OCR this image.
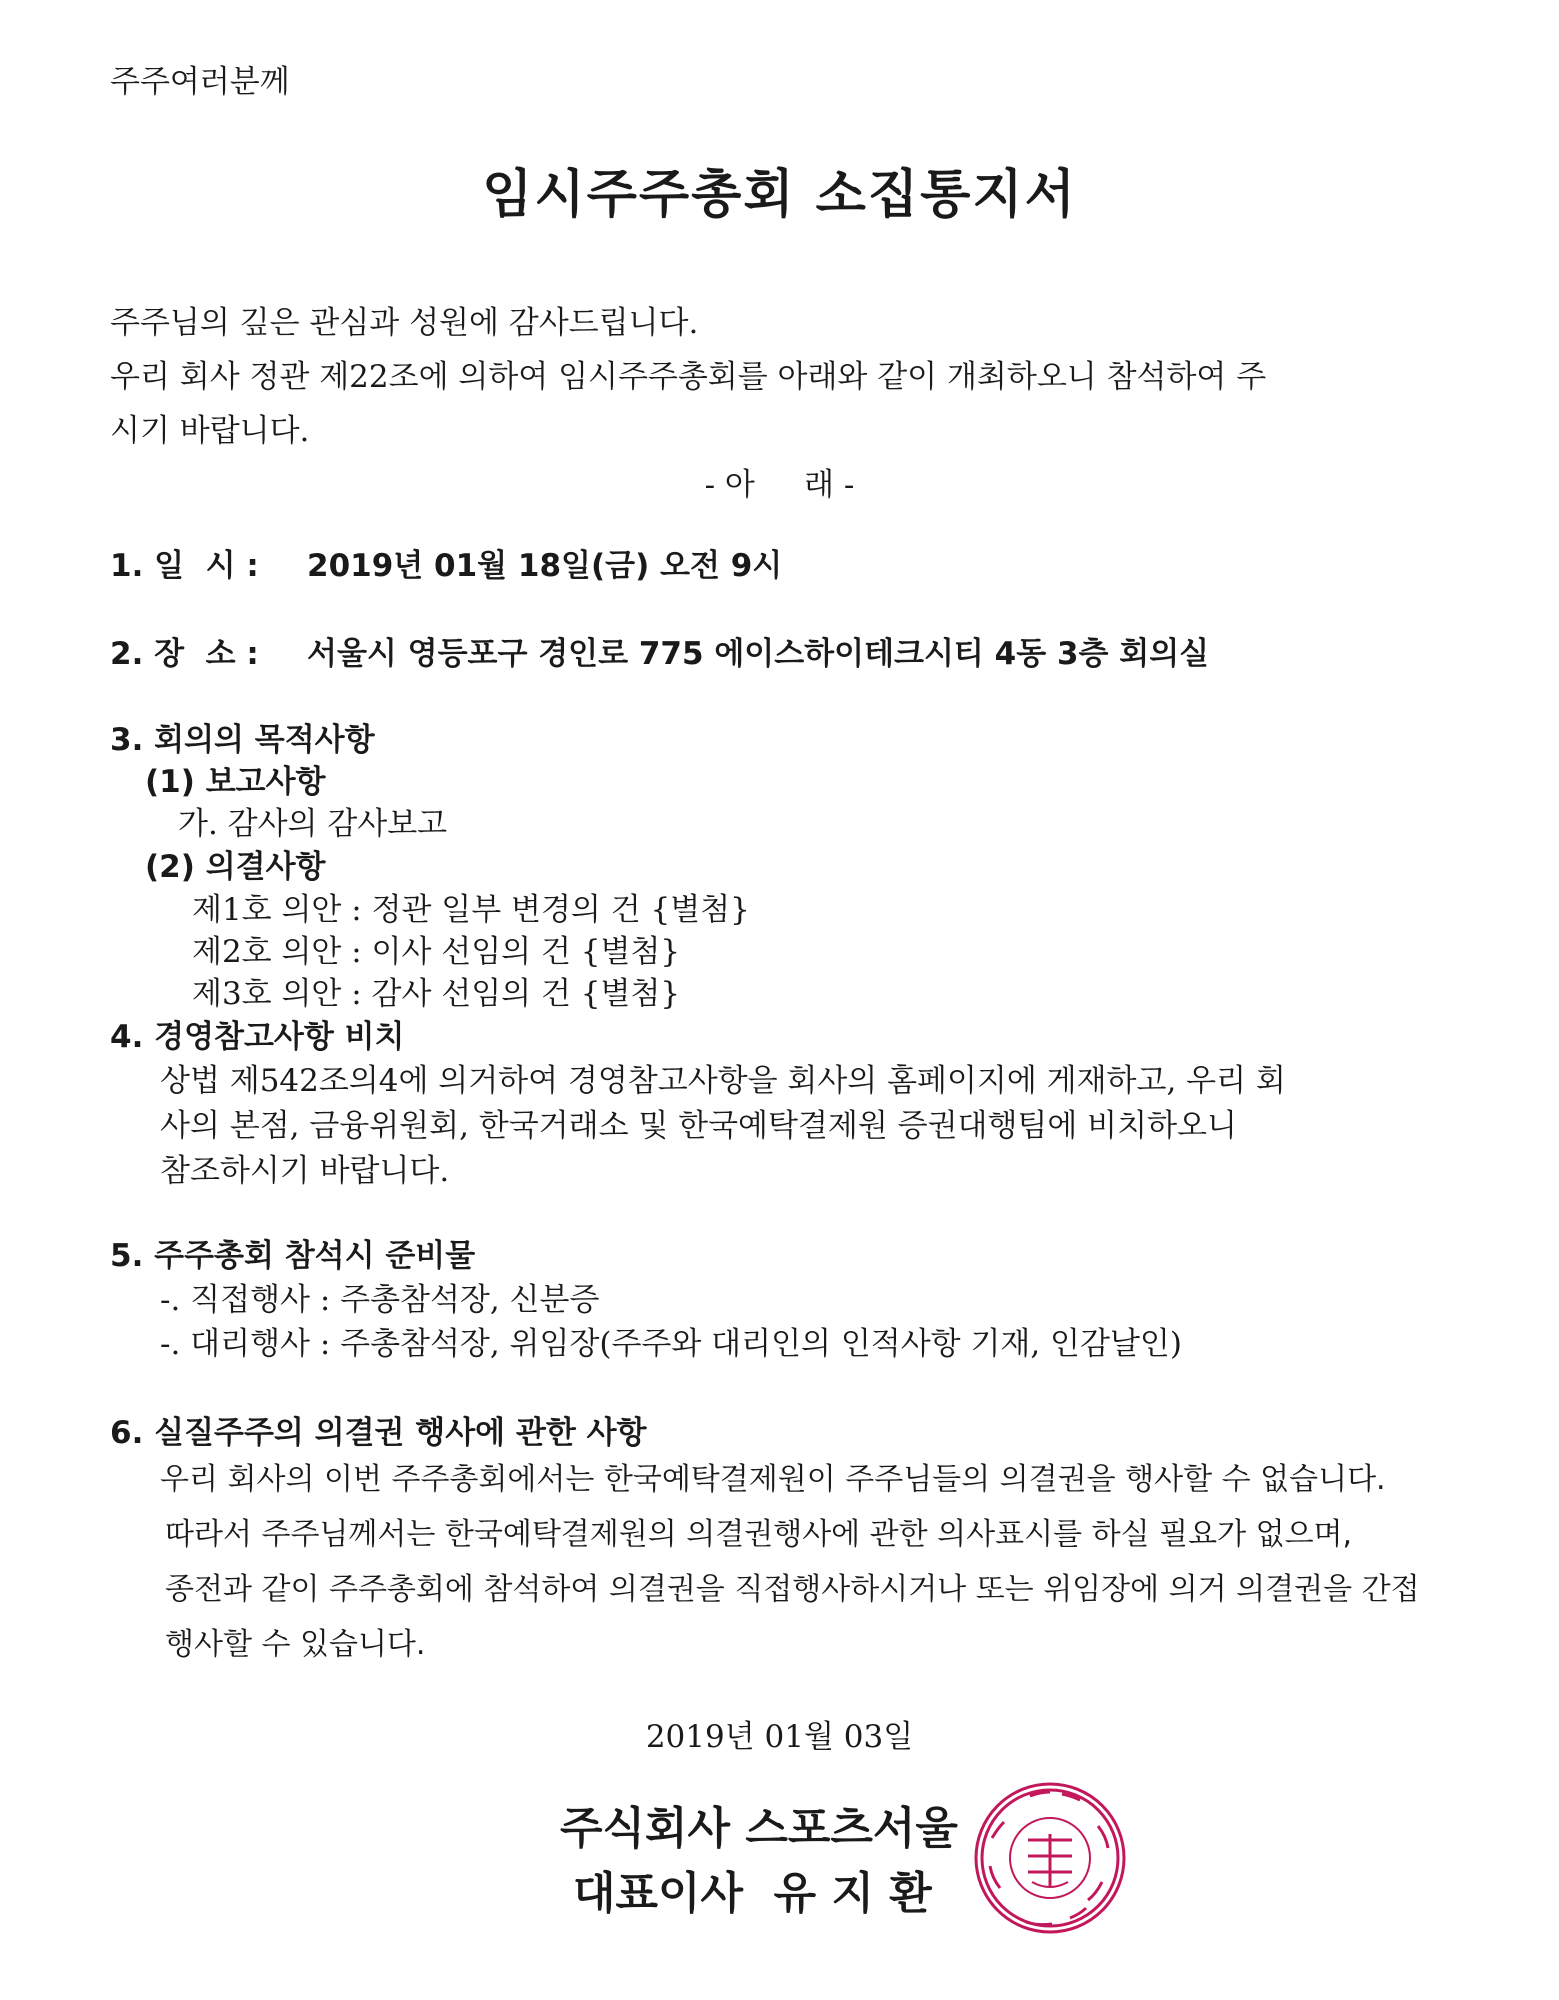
주주여러분께
임시주주총회 소집통지서
주주님의 깊은 관심과 성원에 감사드립니다.
우리 회사 정관 제22조에 의하여 임시주주총회를 아래와 같이 개최하오니 참석하여 주
시기 바랍니다.
- 아     래 -
1. 일  시 : 2019년 01월 18일(금) 오전 9시
2. 장  소 : 서울시 영등포구 경인로 775 에이스하이테크시티 4동 3층 회의실
3. 회의의 목적사항
(1) 보고사항
가. 감사의 감사보고
(2) 의결사항
제1호 의안 : 정관 일부 변경의 건 {별첨}
제2호 의안 : 이사 선임의 건 {별첨}
제3호 의안 : 감사 선임의 건 {별첨}
4. 경영참고사항 비치
상법 제542조의4에 의거하여 경영참고사항을 회사의 홈페이지에 게재하고, 우리 회
사의 본점, 금융위원회, 한국거래소 및 한국예탁결제원 증권대행팀에 비치하오니
참조하시기 바랍니다.
5. 주주총회 참석시 준비물
-. 직접행사 : 주총참석장, 신분증
-. 대리행사 : 주총참석장, 위임장(주주와 대리인의 인적사항 기재, 인감날인)
6. 실질주주의 의결권 행사에 관한 사항
우리 회사의 이번 주주총회에서는 한국예탁결제원이 주주님들의 의결권을 행사할 수 없습니다.
따라서 주주님께서는 한국예탁결제원의 의결권행사에 관한 의사표시를 하실 필요가 없으며,
종전과 같이 주주총회에 참석하여 의결권을 직접행사하시거나 또는 위임장에 의거 의결권을 간접
행사할 수 있습니다.
2019년 01월 03일
주식회사 스포츠서울
대표이사  유 지 환
